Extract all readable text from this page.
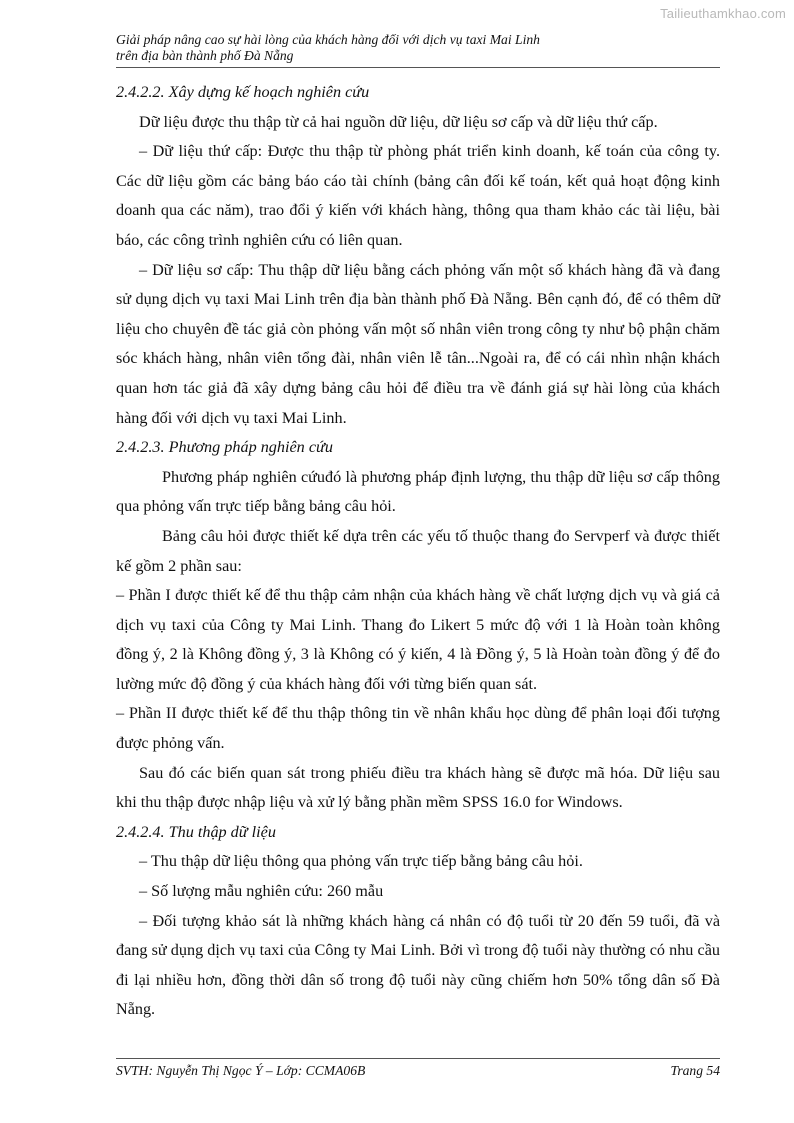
Tailieuthamkhao.com
Giải pháp nâng cao sự hài lòng của khách hàng đối với dịch vụ taxi Mai Linh
trên địa bàn thành phố Đà Nẵng

2.4.2.2. Xây dựng kế hoạch nghiên cứu

Dữ liệu được thu thập từ cả hai nguồn dữ liệu, dữ liệu sơ cấp và dữ liệu thứ cấp.

– Dữ liệu thứ cấp: Được thu thập từ phòng phát triển kinh doanh, kế toán của công ty. Các dữ liệu gồm các bảng báo cáo tài chính (bảng cân đối kế toán, kết quả hoạt động kinh doanh qua các năm), trao đổi ý kiến với khách hàng, thông qua tham khảo các tài liệu, bài báo, các công trình nghiên cứu có liên quan.

– Dữ liệu sơ cấp: Thu thập dữ liệu bằng cách phỏng vấn một số khách hàng đã và đang sử dụng dịch vụ taxi Mai Linh trên địa bàn thành phố Đà Nẵng. Bên cạnh đó, để có thêm dữ liệu cho chuyên đề tác giả còn phỏng vấn một số nhân viên trong công ty như bộ phận chăm sóc khách hàng, nhân viên tổng đài, nhân viên lễ tân...Ngoài ra, để có cái nhìn nhận khách quan hơn tác giả đã xây dựng bảng câu hỏi để điều tra về đánh giá sự hài lòng của khách hàng đối với dịch vụ taxi Mai Linh.

2.4.2.3. Phương pháp nghiên cứu

Phương pháp nghiên cứuđó là phương pháp định lượng, thu thập dữ liệu sơ cấp thông qua phỏng vấn trực tiếp bằng bảng câu hỏi.

Bảng câu hỏi được thiết kế dựa trên các yếu tố thuộc thang đo Servperf và được thiết kế gồm 2 phần sau:

– Phần I được thiết kế để thu thập cảm nhận của khách hàng về chất lượng dịch vụ và giá cả dịch vụ taxi của Công ty Mai Linh. Thang đo Likert 5 mức độ với 1 là Hoàn toàn không đồng ý, 2 là Không đồng ý, 3 là Không có ý kiến, 4 là Đồng ý, 5 là Hoàn toàn đồng ý để đo lường mức độ đồng ý của khách hàng đối với từng biến quan sát.

– Phần II được thiết kế để thu thập thông tin về nhân khẩu học dùng để phân loại đối tượng được phỏng vấn.

Sau đó các biến quan sát trong phiếu điều tra khách hàng sẽ được mã hóa. Dữ liệu sau khi thu thập được nhập liệu và xử lý bằng phần mềm SPSS 16.0 for Windows.

2.4.2.4. Thu thập dữ liệu

– Thu thập dữ liệu thông qua phỏng vấn trực tiếp bằng bảng câu hỏi.

– Số lượng mẫu nghiên cứu: 260 mẫu

– Đối tượng khảo sát là những khách hàng cá nhân có độ tuổi từ 20 đến 59 tuổi, đã và đang sử dụng dịch vụ taxi của Công ty Mai Linh. Bởi vì trong độ tuổi này thường có nhu cầu đi lại nhiều hơn, đồng thời dân số trong độ tuổi này cũng chiếm hơn 50% tổng dân số Đà Nẵng.

SVTH: Nguyễn Thị Ngọc Ý – Lớp: CCMA06B	Trang 54
